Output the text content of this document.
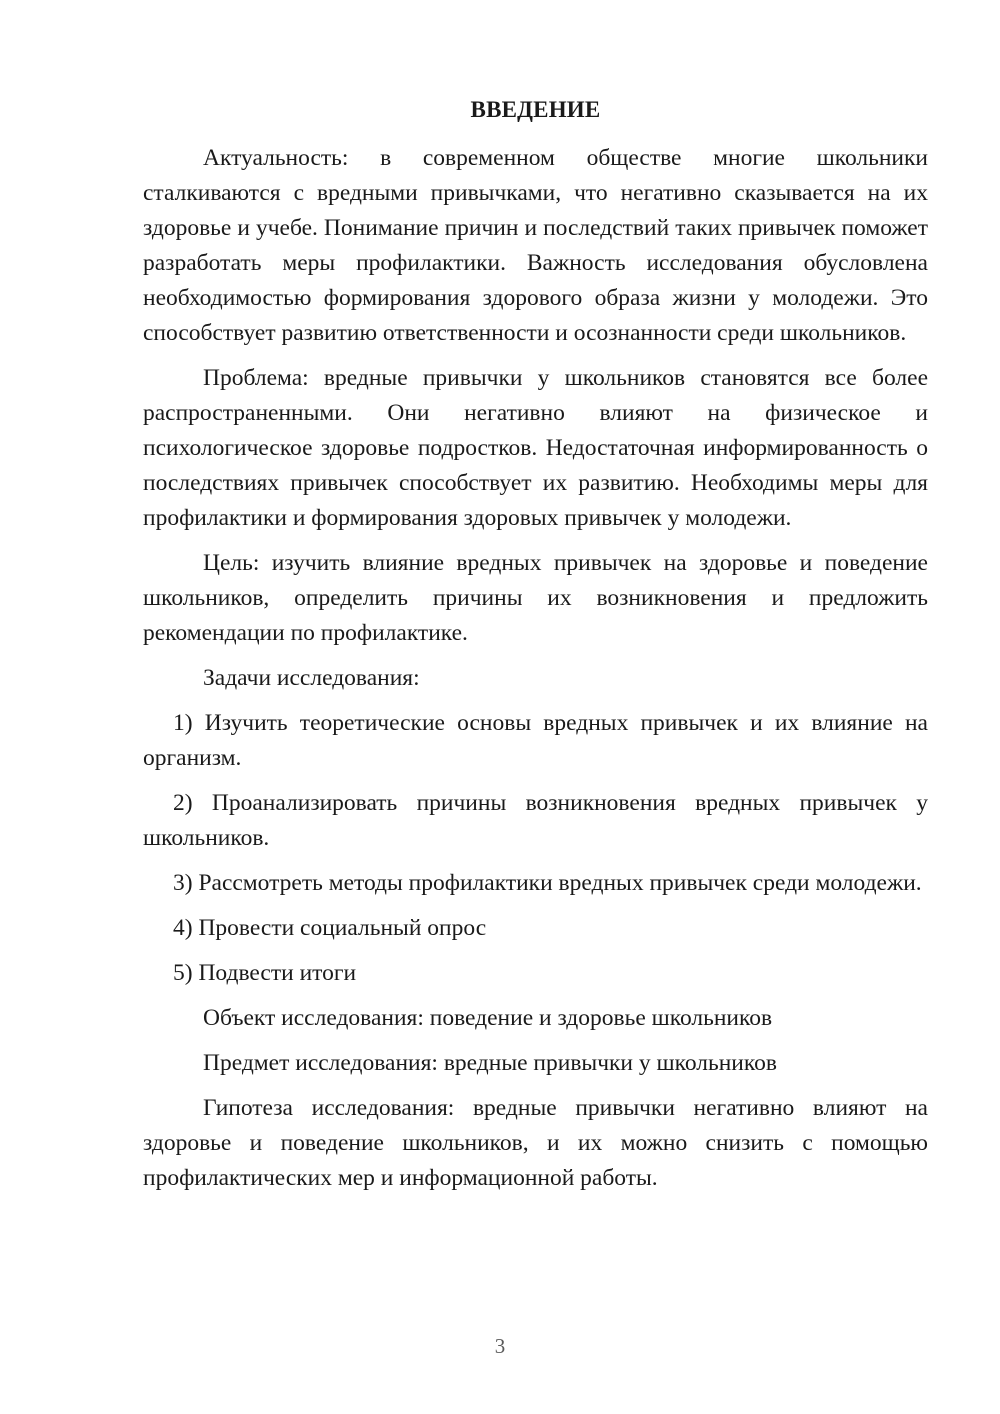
ВВЕДЕНИЕ

Актуальность: в современном обществе многие школьники сталкиваются с вредными привычками, что негативно сказывается на их здоровье и учебе. Понимание причин и последствий таких привычек поможет разработать меры профилактики. Важность исследования обусловлена необходимостью формирования здорового образа жизни у молодежи. Это способствует развитию ответственности и осознанности среди школьников.

Проблема: вредные привычки у школьников становятся все более распространенными. Они негативно влияют на физическое и психологическое здоровье подростков. Недостаточная информированность о последствиях привычек способствует их развитию. Необходимы меры для профилактики и формирования здоровых привычек у молодежи.

Цель: изучить влияние вредных привычек на здоровье и поведение школьников, определить причины их возникновения и предложить рекомендации по профилактике.

Задачи исследования:

1) Изучить теоретические основы вредных привычек и их влияние на организм.

2) Проанализировать причины возникновения вредных привычек у школьников.

3) Рассмотреть методы профилактики вредных привычек среди молодежи.

4) Провести социальный опрос

5) Подвести итоги

Объект исследования: поведение и здоровье школьников

Предмет исследования: вредные привычки у школьников

Гипотеза исследования: вредные привычки негативно влияют на здоровье и поведение школьников, и их можно снизить с помощью профилактических мер и информационной работы.

3
